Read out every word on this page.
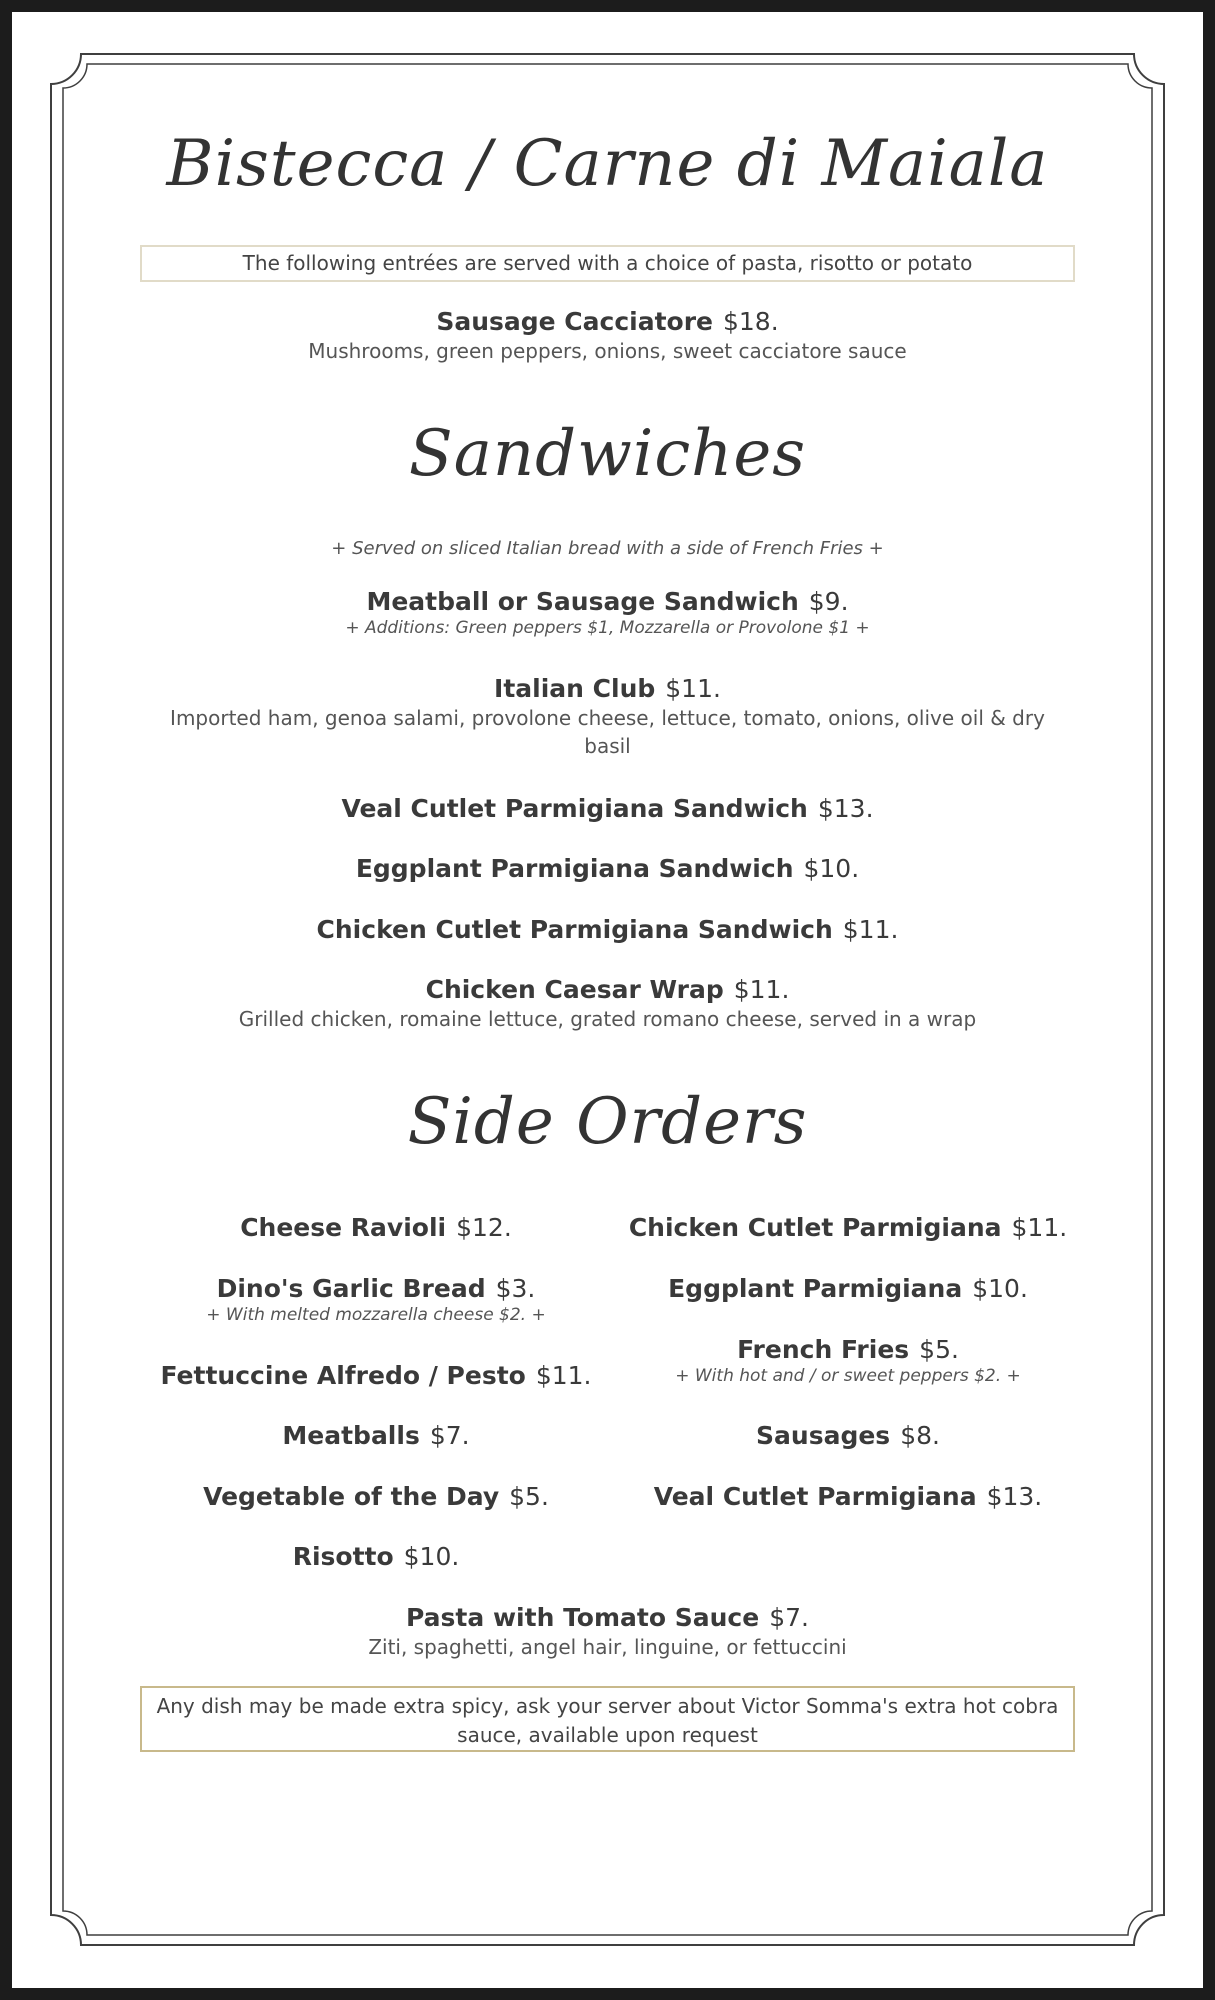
Bistecca / Carne di Maiala
The following entrées are served with a choice of pasta, risotto or potato
Sausage Cacciatore $18.
Mushrooms, green peppers, onions, sweet cacciatore sauce
Sandwiches
+ Served on sliced Italian bread with a side of French Fries +
Meatball or Sausage Sandwich $9.
+ Additions: Green peppers $1, Mozzarella or Provolone $1 +
Italian Club $11.
Imported ham, genoa salami, provolone cheese, lettuce, tomato, onions, olive oil & dry basil
Veal Cutlet Parmigiana Sandwich $13.
Eggplant Parmigiana Sandwich $10.
Chicken Cutlet Parmigiana Sandwich $11.
Chicken Caesar Wrap $11.
Grilled chicken, romaine lettuce, grated romano cheese, served in a wrap
Side Orders
Cheese Ravioli $12.
Dino's Garlic Bread $3.
+ With melted mozzarella cheese $2. +
Fettuccine Alfredo / Pesto $11.
Meatballs $7.
Vegetable of the Day $5.
Risotto $10.
Chicken Cutlet Parmigiana $11.
Eggplant Parmigiana $10.
French Fries $5.
+ With hot and / or sweet peppers $2. +
Sausages $8.
Veal Cutlet Parmigiana $13.
Pasta with Tomato Sauce $7.
Ziti, spaghetti, angel hair, linguine, or fettuccini
Any dish may be made extra spicy, ask your server about Victor Somma's extra hot cobra sauce, available upon request
